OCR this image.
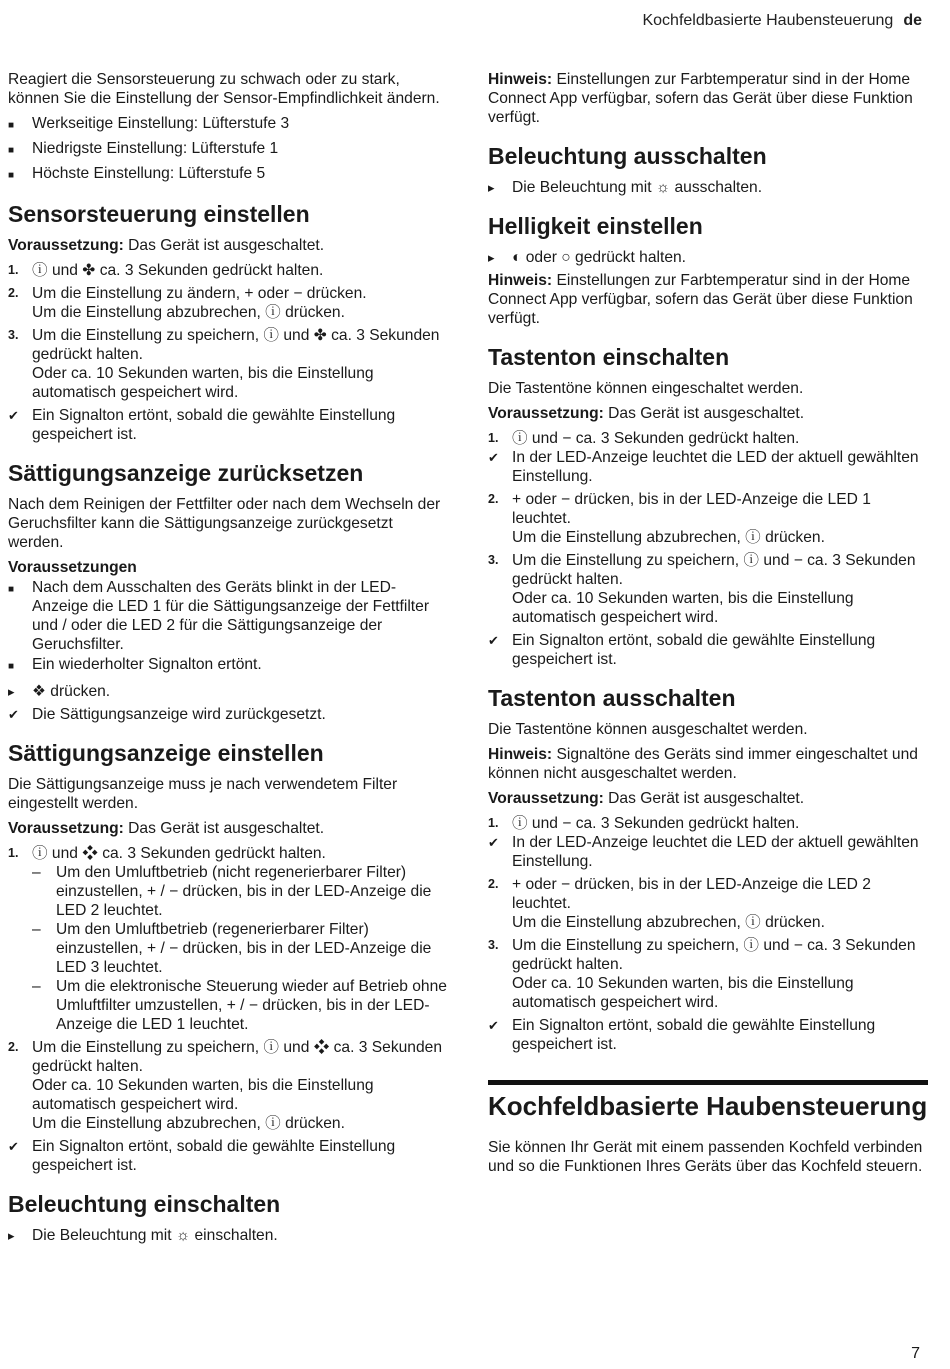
Kochfeldbasierte Haubensteuerung de

Reagiert die Sensorsteuerung zu schwach oder zu stark, können Sie die Einstellung der Sensor-Empfindlichkeit ändern.

■
Werkseitige Einstellung: Lüfterstufe 3
■
Niedrigste Einstellung: Lüfterstufe 1
■
Höchste Einstellung: Lüfterstufe 5
Sensorsteuerung einstellen

Voraussetzung: Das Gerät ist ausgeschaltet.

1. ⓘ und ✤ ca. 3 Sekunden gedrückt halten.
2. Um die Einstellung zu ändern, + oder − drücken.
Um die Einstellung abzubrechen, ⓘ drücken.
3. Um die Einstellung zu speichern, ⓘ und ✤ ca. 3 Sekunden gedrückt halten.
Oder ca. 10 Sekunden warten, bis die Einstellung automatisch gespeichert wird.
✔
Ein Signalton ertönt, sobald die gewählte Einstellung gespeichert ist.
Sättigungsanzeige zurücksetzen

Nach dem Reinigen der Fettfilter oder nach dem Wechseln der Geruchsfilter kann die Sättigungsanzeige zurückgesetzt werden.

Voraussetzungen

■
Nach dem Ausschalten des Geräts blinkt in der LED-Anzeige die LED 1 für die Sättigungsanzeige der Fettfilter und / oder die LED 2 für die Sättigungsanzeige der Geruchsfilter.
■
Ein wiederholter Signalton ertönt.
▸
❖ drücken.
✔
Die Sättigungsanzeige wird zurückgesetzt.
Sättigungsanzeige einstellen

Die Sättigungsanzeige muss je nach verwendetem Filter eingestellt werden.

Voraussetzung: Das Gerät ist ausgeschaltet.

1. ⓘ und ❖ ca. 3 Sekunden gedrückt halten.
– Um den Umluftbetrieb (nicht regenerierbarer Filter) einzustellen, + / − drücken, bis in der LED-Anzeige die LED 2 leuchtet.
– Um den Umluftbetrieb (regenerierbarer Filter) einzustellen, + / − drücken, bis in der LED-Anzeige die LED 3 leuchtet.
– Um die elektronische Steuerung wieder auf Betrieb ohne Umluftfilter umzustellen, + / − drücken, bis in der LED-Anzeige die LED 1 leuchtet.
2. Um die Einstellung zu speichern, ⓘ und ❖ ca. 3 Sekunden gedrückt halten.
Oder ca. 10 Sekunden warten, bis die Einstellung automatisch gespeichert wird.
Um die Einstellung abzubrechen, ⓘ drücken.
✔
Ein Signalton ertönt, sobald die gewählte Einstellung gespeichert ist.
Beleuchtung einschalten
▸
Die Beleuchtung mit ☼ einschalten.

Hinweis: Einstellungen zur Farbtemperatur sind in der Home Connect App verfügbar, sofern das Gerät über diese Funktion verfügt.

Beleuchtung ausschalten
▸
Die Beleuchtung mit ☼ ausschalten.
Helligkeit einstellen
▸
◐ oder ○ gedrückt halten.

Hinweis: Einstellungen zur Farbtemperatur sind in der Home Connect App verfügbar, sofern das Gerät über diese Funktion verfügt.

Tastenton einschalten

Die Tastentöne können eingeschaltet werden.

Voraussetzung: Das Gerät ist ausgeschaltet.

1. ⓘ und − ca. 3 Sekunden gedrückt halten.
✔
In der LED-Anzeige leuchtet die LED der aktuell gewählten Einstellung.
2. + oder − drücken, bis in der LED-Anzeige die LED 1 leuchtet.
Um die Einstellung abzubrechen, ⓘ drücken.
3. Um die Einstellung zu speichern, ⓘ und − ca. 3 Sekunden gedrückt halten.
Oder ca. 10 Sekunden warten, bis die Einstellung automatisch gespeichert wird.
✔
Ein Signalton ertönt, sobald die gewählte Einstellung gespeichert ist.
Tastenton ausschalten

Die Tastentöne können ausgeschaltet werden.

Hinweis: Signaltöne des Geräts sind immer eingeschaltet und können nicht ausgeschaltet werden.

Voraussetzung: Das Gerät ist ausgeschaltet.

1. ⓘ und − ca. 3 Sekunden gedrückt halten.
✔
In der LED-Anzeige leuchtet die LED der aktuell gewählten Einstellung.
2. + oder − drücken, bis in der LED-Anzeige die LED 2 leuchtet.
Um die Einstellung abzubrechen, ⓘ drücken.
3. Um die Einstellung zu speichern, ⓘ und − ca. 3 Sekunden gedrückt halten.
Oder ca. 10 Sekunden warten, bis die Einstellung automatisch gespeichert wird.
✔
Ein Signalton ertönt, sobald die gewählte Einstellung gespeichert ist.
Kochfeldbasierte Haubensteuerung

Sie können Ihr Gerät mit einem passenden Kochfeld verbinden und so die Funktionen Ihres Geräts über das Kochfeld steuern.

7
